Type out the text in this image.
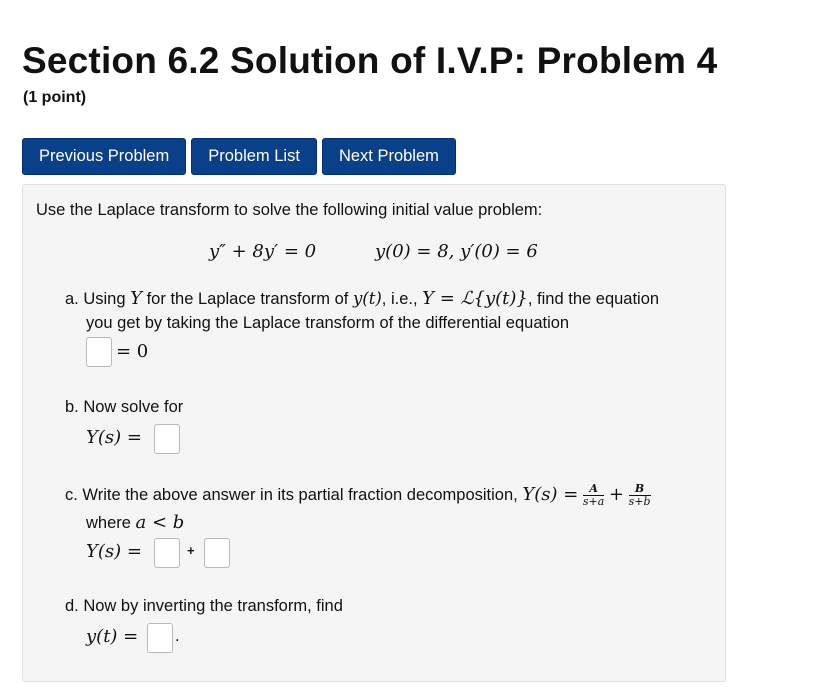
Section 6.2 Solution of I.V.P: Problem 4
(1 point)
Previous Problem	Problem List	Next Problem
Use the Laplace transform to solve the following initial value problem:
y″ + 8y′ = 0	y(0) = 8, y′(0) = 6
a. Using Y for the Laplace transform of y(t), i.e., Y = ℒ{y(t)}, find the equation
you get by taking the Laplace transform of the differential equation
= 0
b. Now solve for
Y(s) =
c. Write the above answer in its partial fraction decomposition, $Y(s) = \frac{A}{s+a} + \frac{B}{s+b}$
where a < b
Y(s) =	+
d. Now by inverting the transform, find
y(t) = .
